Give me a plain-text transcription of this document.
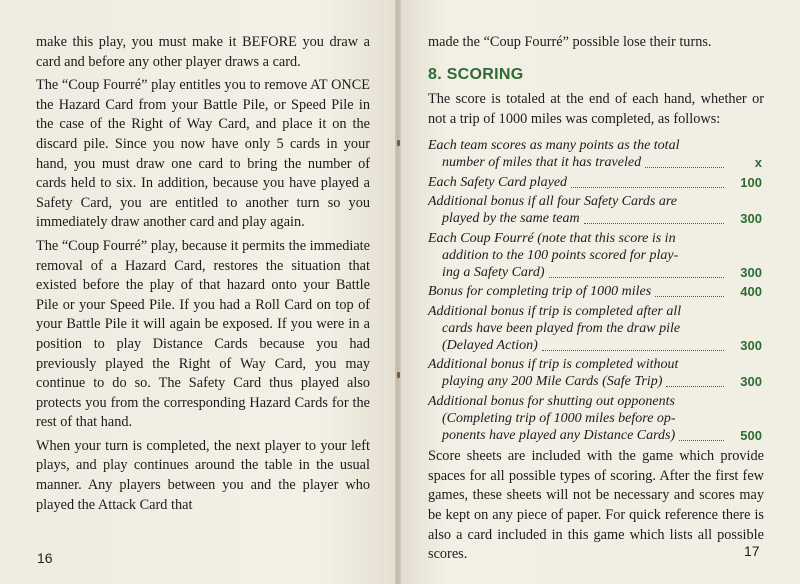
make this play, you must make it BEFORE you draw a card and before any other player draws a card.

The “Coup Fourré” play entitles you to remove AT ONCE the Hazard Card from your Battle Pile, or Speed Pile in the case of the Right of Way Card, and place it on the discard pile. Since you now have only 5 cards in your hand, you must draw one card to bring the number of cards held to six. In addition, because you have played a Safety Card, you are entitled to another turn so you immediately draw another card and play again.

The “Coup Fourré” play, because it permits the immediate removal of a Hazard Card, restores the situation that existed before the play of that hazard onto your Battle Pile or your Speed Pile. If you had a Roll Card on top of your Battle Pile it will again be exposed. If you were in a position to play Distance Cards because you had previously played the Right of Way Card, you may continue to do so. The Safety Card thus played also protects you from the corresponding Hazard Cards for the rest of that hand.

When your turn is completed, the next player to your left plays, and play continues around the table in the usual manner. Any players between you and the player who played the Attack Card that

16

made the “Coup Fourré” possible lose their turns.

8. SCORING

The score is totaled at the end of each hand, whether or not a trip of 1000 miles was completed, as follows:

Each team scores as many points as the total
number of miles that it has traveled	x
Each Safety Card played	100
Additional bonus if all four Safety Cards are
played by the same team	300
Each Coup Fourré (note that this score is in
addition to the 100 points scored for play-
ing a Safety Card)	300
Bonus for completing trip of 1000 miles	400
Additional bonus if trip is completed after all
cards have been played from the draw pile
(Delayed Action)	300
Additional bonus if trip is completed without
playing any 200 Mile Cards (Safe Trip)	300
Additional bonus for shutting out opponents
(Completing trip of 1000 miles before op-
ponents have played any Distance Cards)	500

Score sheets are included with the game which provide spaces for all possible types of scoring. After the first few games, these sheets will not be necessary and scores may be kept on any piece of paper. For quick reference there is also a card included in this game which lists all possible scores.	17
